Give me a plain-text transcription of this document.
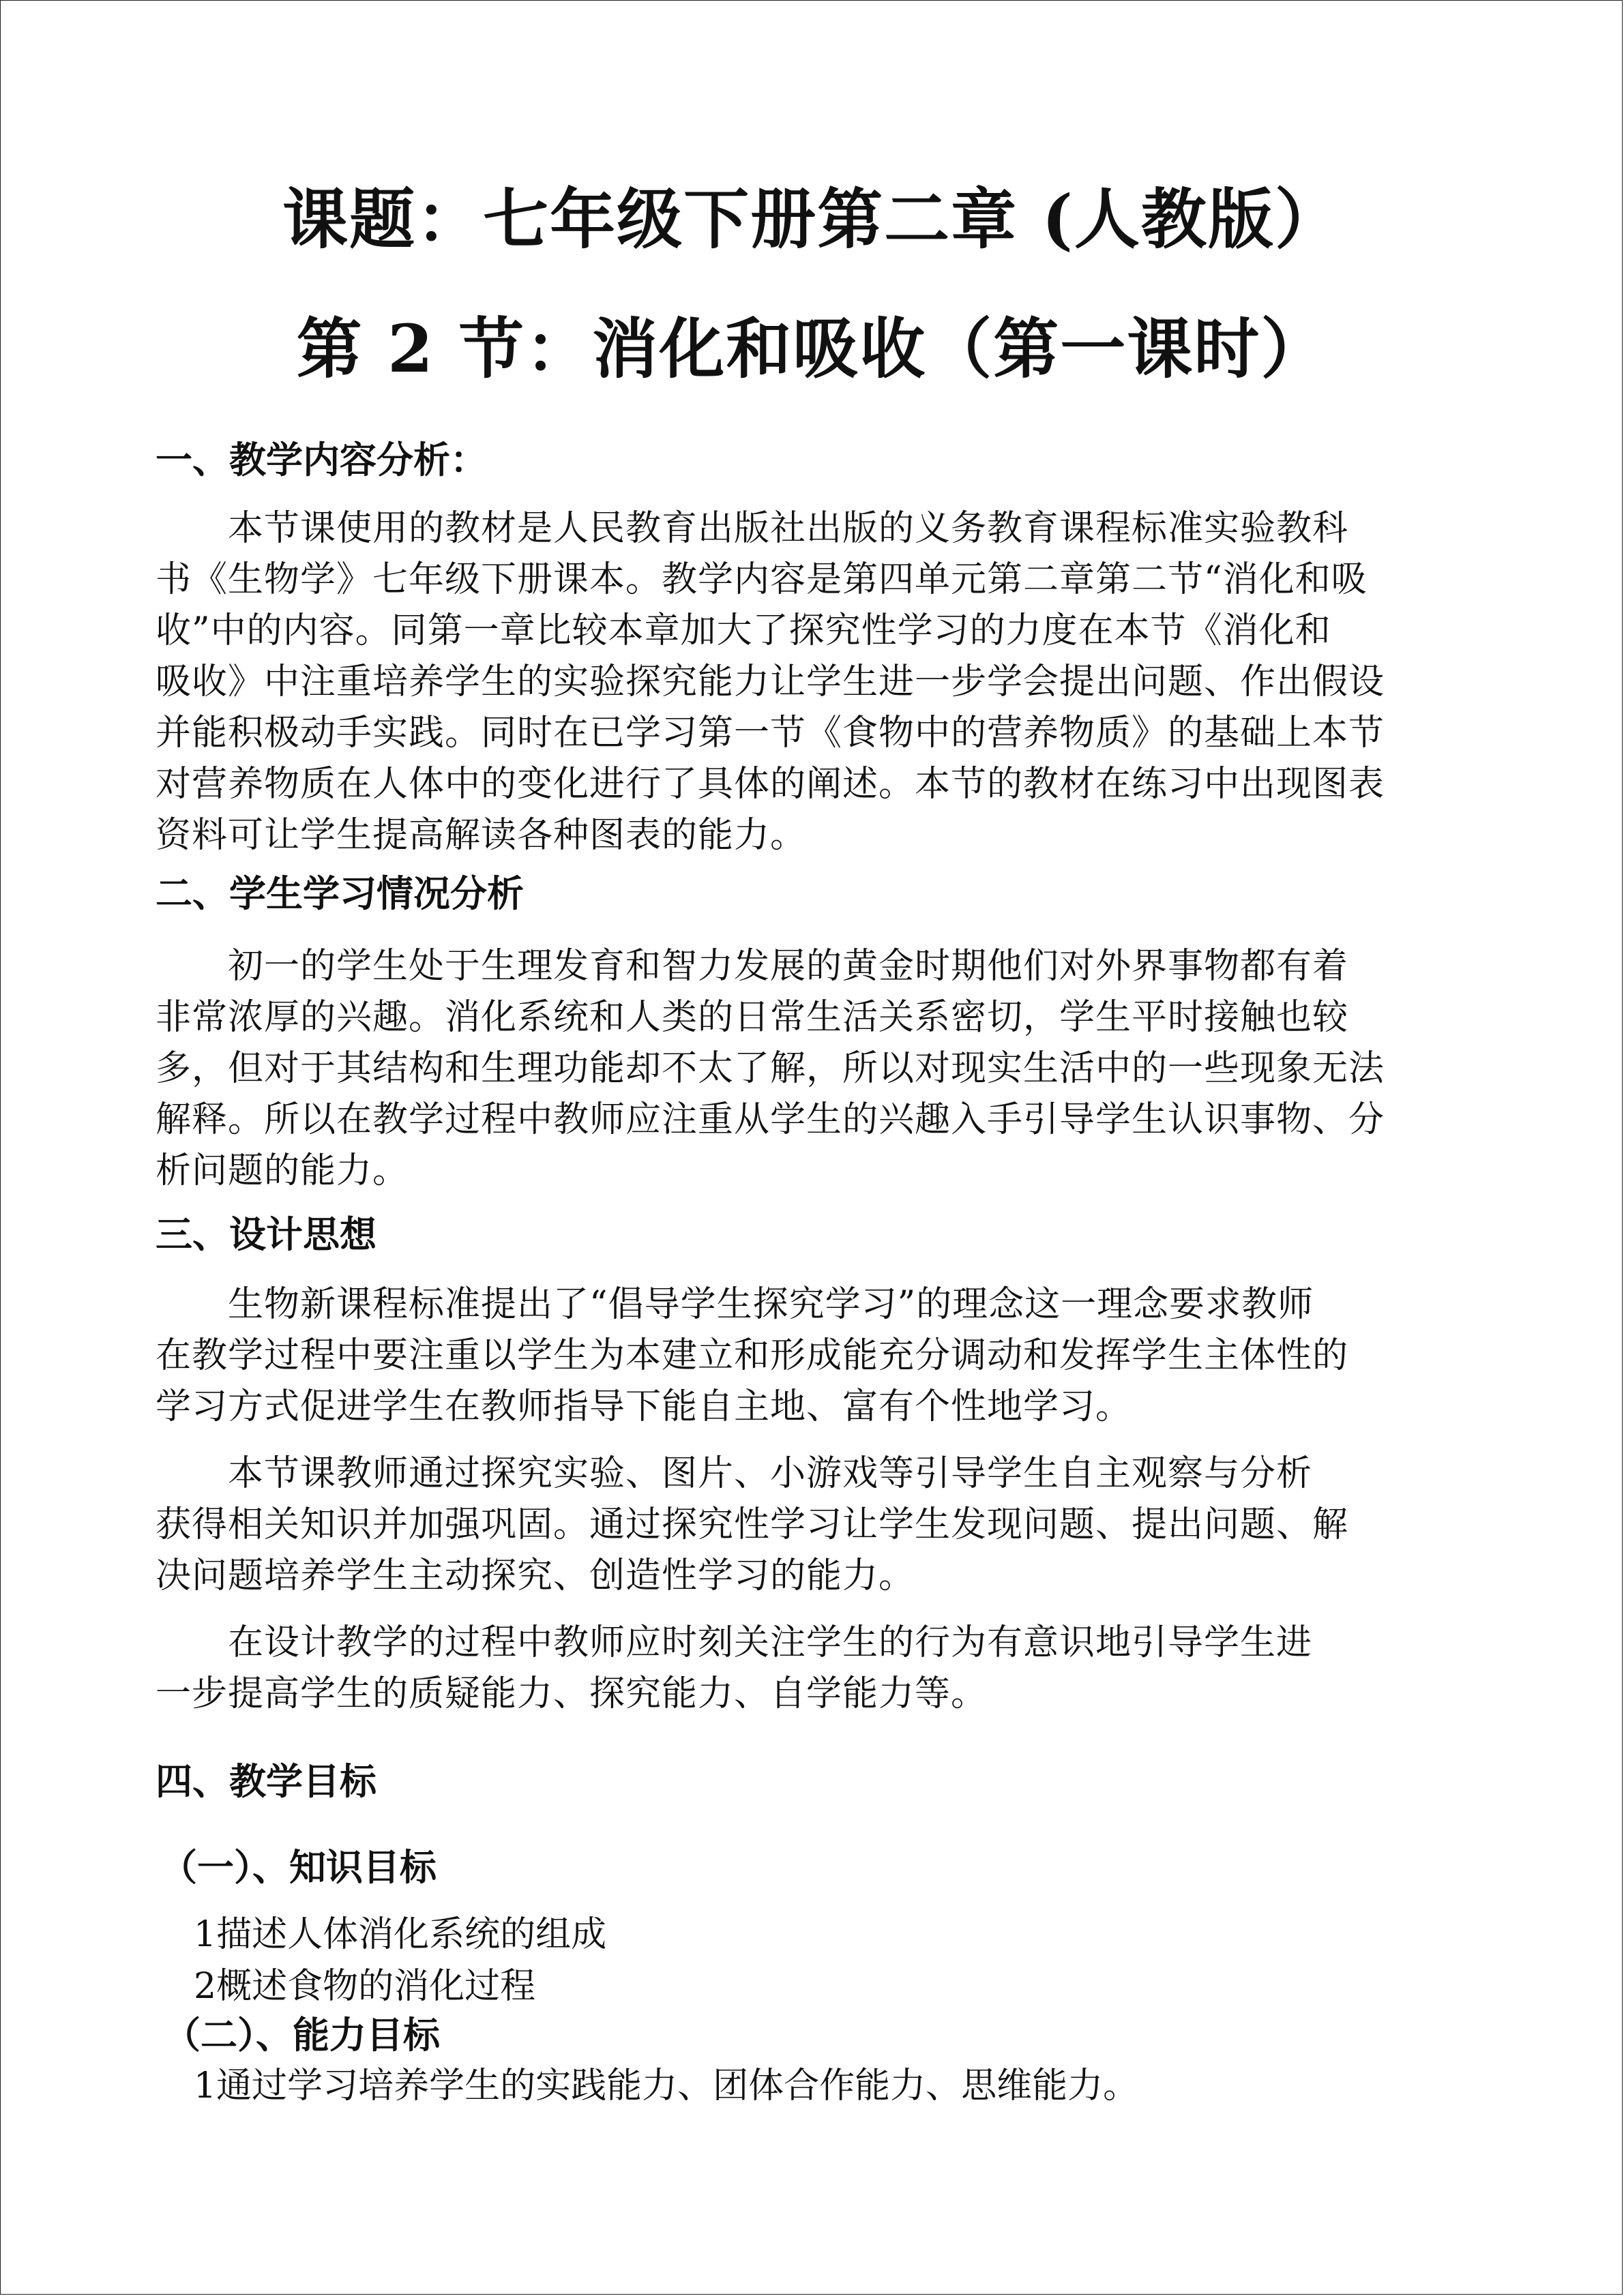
课题：七年级下册第二章 (人教版）
第 2 节：消化和吸收（第一课时）
一、教学内容分析：
　　本节课使用的教材是人民教育出版社出版的义务教育课程标准实验教科
书《生物学》七年级下册课本。教学内容是第四单元第二章第二节“消化和吸
收”中的内容。同第一章比较本章加大了探究性学习的力度在本节《消化和
吸收》中注重培养学生的实验探究能力让学生进一步学会提出问题、作出假设
并能积极动手实践。同时在已学习第一节《食物中的营养物质》的基础上本节
对营养物质在人体中的变化进行了具体的阐述。本节的教材在练习中出现图表
资料可让学生提高解读各种图表的能力。
二、学生学习情况分析
　　初一的学生处于生理发育和智力发展的黄金时期他们对外界事物都有着
非常浓厚的兴趣。消化系统和人类的日常生活关系密切，学生平时接触也较
多，但对于其结构和生理功能却不太了解，所以对现实生活中的一些现象无法
解释。所以在教学过程中教师应注重从学生的兴趣入手引导学生认识事物、分
析问题的能力。
三、设计思想
　　生物新课程标准提出了“倡导学生探究学习”的理念这一理念要求教师
在教学过程中要注重以学生为本建立和形成能充分调动和发挥学生主体性的
学习方式促进学生在教师指导下能自主地、富有个性地学习。
　　本节课教师通过探究实验、图片、小游戏等引导学生自主观察与分析
获得相关知识并加强巩固。通过探究性学习让学生发现问题、提出问题、解
决问题培养学生主动探究、创造性学习的能力。
　　在设计教学的过程中教师应时刻关注学生的行为有意识地引导学生进
一步提高学生的质疑能力、探究能力、自学能力等。
四、教学目标
（一）、知识目标
1描述人体消化系统的组成
2概述食物的消化过程
（二）、能力目标
1通过学习培养学生的实践能力、团体合作能力、思维能力。
